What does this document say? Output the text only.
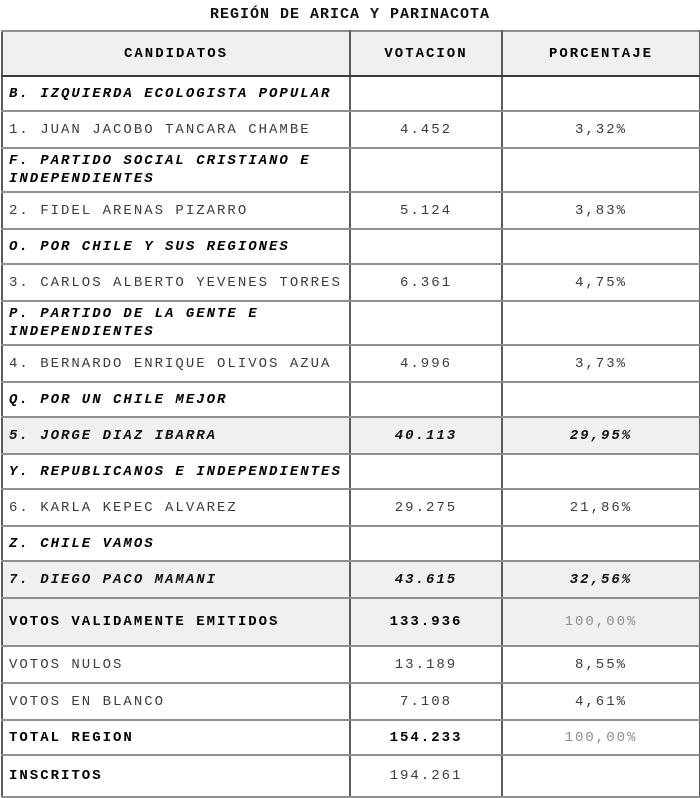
REGIÓN DE ARICA Y PARINACOTA
CANDIDATOS	VOTACION	PORCENTAJE
B. IZQUIERDA ECOLOGISTA POPULAR		
1. JUAN JACOBO TANCARA CHAMBE	4.452	3,32%
F. PARTIDO SOCIAL CRISTIANO E INDEPENDIENTES		
2. FIDEL ARENAS PIZARRO	5.124	3,83%
O. POR CHILE Y SUS REGIONES		
3. CARLOS ALBERTO YEVENES TORRES	6.361	4,75%
P. PARTIDO DE LA GENTE E INDEPENDIENTES		
4. BERNARDO ENRIQUE OLIVOS AZUA	4.996	3,73%
Q. POR UN CHILE MEJOR		
5. JORGE DIAZ IBARRA	40.113	29,95%
Y. REPUBLICANOS E INDEPENDIENTES		
6. KARLA KEPEC ALVAREZ	29.275	21,86%
Z. CHILE VAMOS		
7. DIEGO PACO MAMANI	43.615	32,56%
VOTOS VALIDAMENTE EMITIDOS	133.936	100,00%
VOTOS NULOS	13.189	8,55%
VOTOS EN BLANCO	7.108	4,61%
TOTAL REGION	154.233	100,00%
INSCRITOS	194.261	
